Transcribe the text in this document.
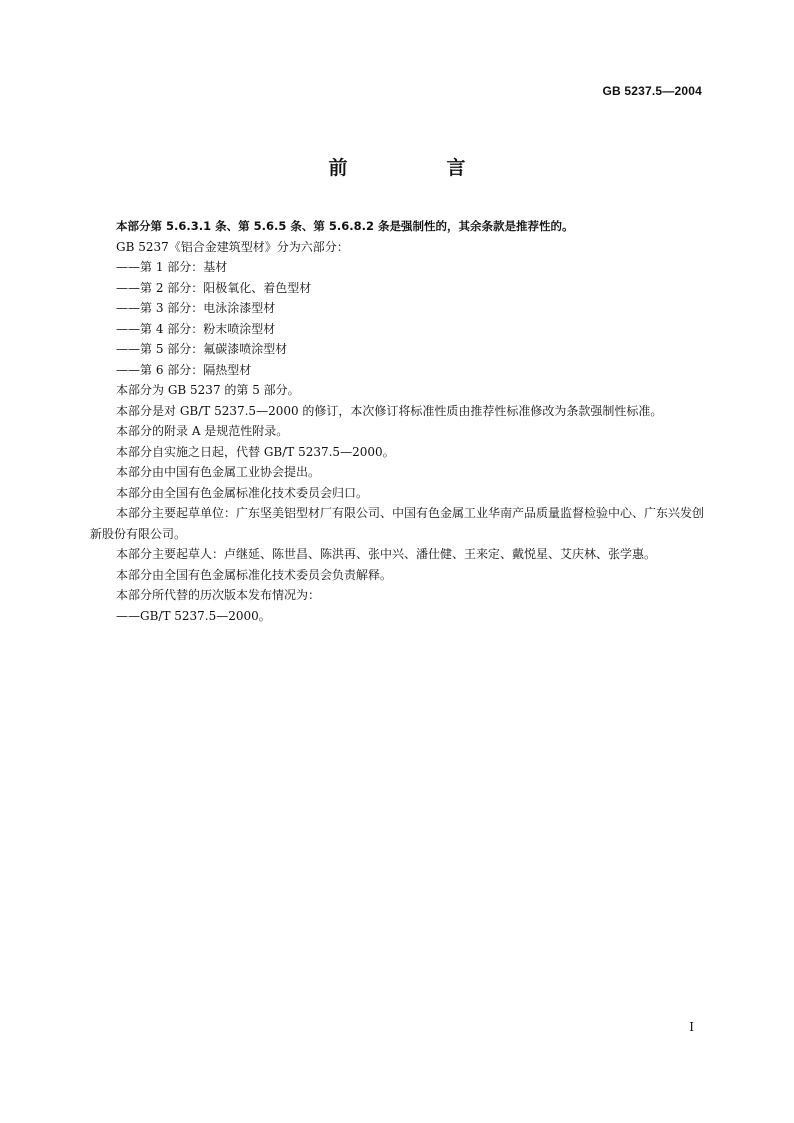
GB 5237.5—2004
前　言

本部分第 5.6.3.1 条、第 5.6.5 条、第 5.6.8.2 条是强制性的，其余条款是推荐性的。

GB 5237《铝合金建筑型材》分为六部分：

——第 1 部分：基材

——第 2 部分：阳极氧化、着色型材

——第 3 部分：电泳涂漆型材

——第 4 部分：粉末喷涂型材

——第 5 部分：氟碳漆喷涂型材

——第 6 部分：隔热型材

本部分为 GB 5237 的第 5 部分。

本部分是对 GB/T 5237.5—2000 的修订，本次修订将标准性质由推荐性标准修改为条款强制性标准。

本部分的附录 A 是规范性附录。

本部分自实施之日起，代替 GB/T 5237.5—2000。

本部分由中国有色金属工业协会提出。

本部分由全国有色金属标准化技术委员会归口。

本部分主要起草单位：广东坚美铝型材厂有限公司、中国有色金属工业华南产品质量监督检验中心、广东兴发创新股份有限公司。

本部分主要起草人：卢继延、陈世昌、陈洪再、张中兴、潘仕健、王来定、戴悦星、艾庆林、张学惠。

本部分由全国有色金属标准化技术委员会负责解释。

本部分所代替的历次版本发布情况为：

——GB/T 5237.5—2000。

I
